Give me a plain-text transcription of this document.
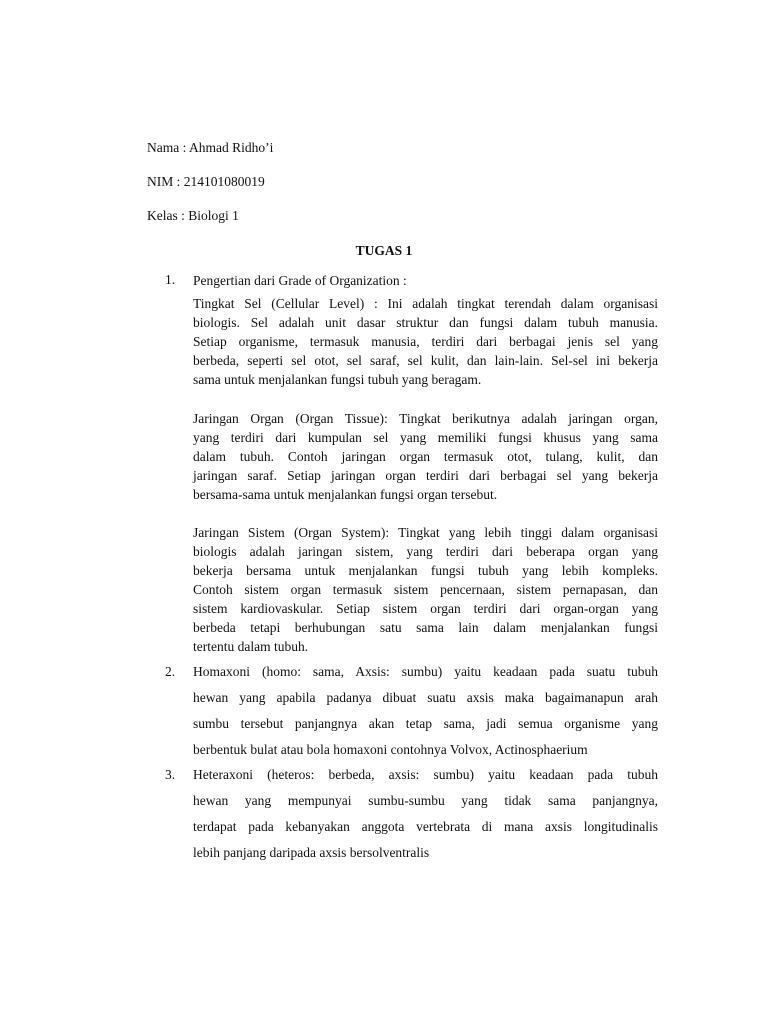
Nama : Ahmad Ridho’i
NIM : 214101080019
Kelas : Biologi 1
TUGAS 1
1.	Pengertian dari Grade of Organization :
Tingkat Sel (Cellular Level) : Ini adalah tingkat terendah dalam organisasi
biologis. Sel adalah unit dasar struktur dan fungsi dalam tubuh manusia.
Setiap organisme, termasuk manusia, terdiri dari berbagai jenis sel yang
berbeda, seperti sel otot, sel saraf, sel kulit, dan lain-lain. Sel-sel ini bekerja
sama untuk menjalankan fungsi tubuh yang beragam.
Jaringan Organ (Organ Tissue): Tingkat berikutnya adalah jaringan organ,
yang terdiri dari kumpulan sel yang memiliki fungsi khusus yang sama
dalam tubuh. Contoh jaringan organ termasuk otot, tulang, kulit, dan
jaringan saraf. Setiap jaringan organ terdiri dari berbagai sel yang bekerja
bersama-sama untuk menjalankan fungsi organ tersebut.
Jaringan Sistem (Organ System): Tingkat yang lebih tinggi dalam organisasi
biologis adalah jaringan sistem, yang terdiri dari beberapa organ yang
bekerja bersama untuk menjalankan fungsi tubuh yang lebih kompleks.
Contoh sistem organ termasuk sistem pencernaan, sistem pernapasan, dan
sistem kardiovaskular. Setiap sistem organ terdiri dari organ-organ yang
berbeda tetapi berhubungan satu sama lain dalam menjalankan fungsi
tertentu dalam tubuh.
2.	Homaxoni (homo: sama, Axsis: sumbu) yaitu keadaan pada suatu tubuh
hewan yang apabila padanya dibuat suatu axsis maka bagaimanapun arah
sumbu tersebut panjangnya akan tetap sama, jadi semua organisme yang
berbentuk bulat atau bola homaxoni contohnya Volvox, Actinosphaerium
3.	Heteraxoni (heteros: berbeda, axsis: sumbu) yaitu keadaan pada tubuh
hewan yang mempunyai sumbu-sumbu yang tidak sama panjangnya,
terdapat pada kebanyakan anggota vertebrata di mana axsis longitudinalis
lebih panjang daripada axsis bersolventralis
